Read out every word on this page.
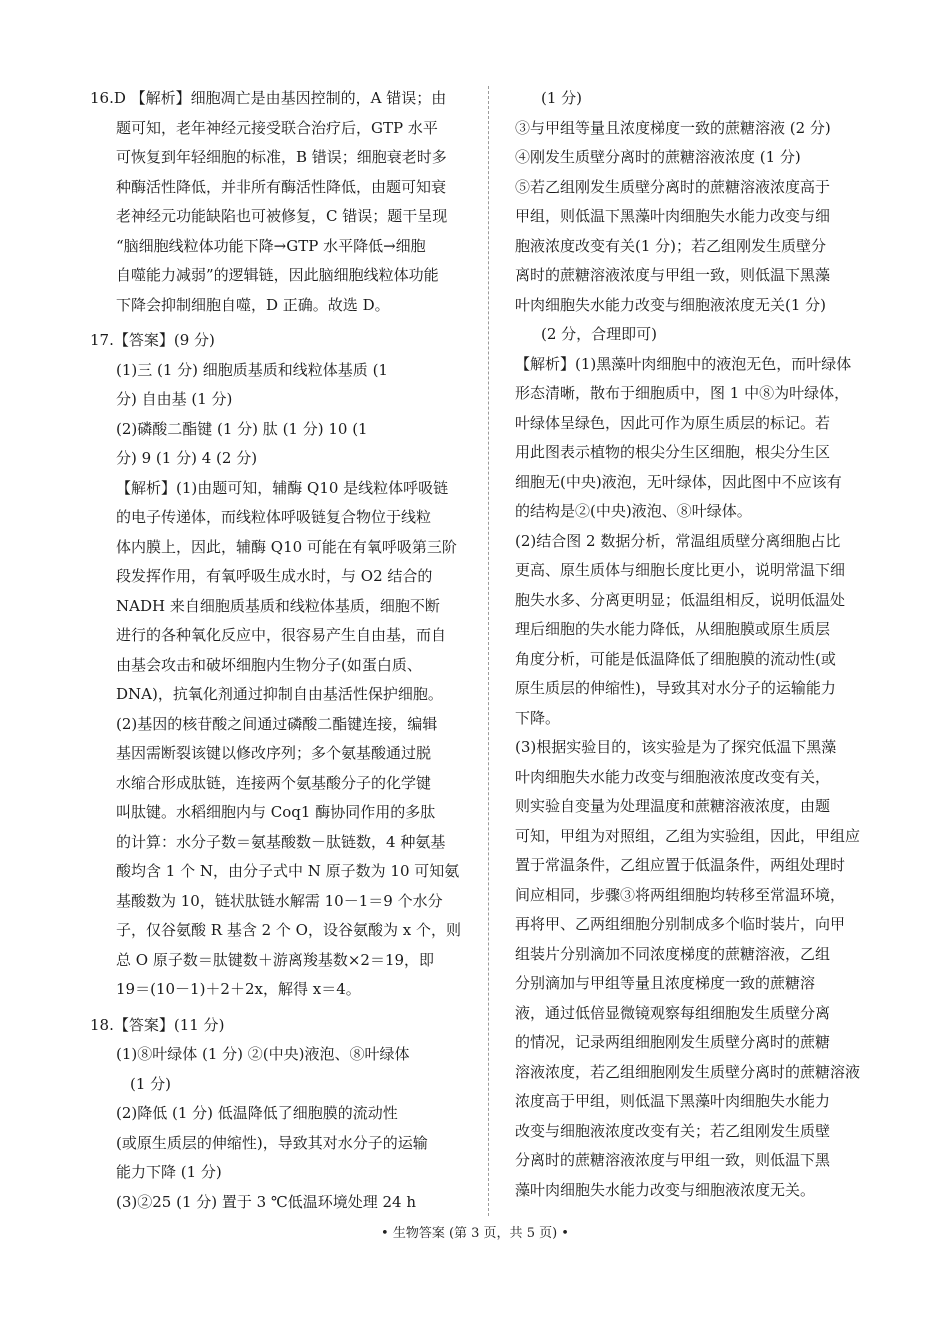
16.D 【解析】细胞凋亡是由基因控制的，A 错误；由

题可知，老年神经元接受联合治疗后，GTP 水平

可恢复到年轻细胞的标准，B 错误；细胞衰老时多

种酶活性降低，并非所有酶活性降低，由题可知衰

老神经元功能缺陷也可被修复，C 错误；题干呈现

“脑细胞线粒体功能下降→GTP 水平降低→细胞

自噬能力减弱”的逻辑链，因此脑细胞线粒体功能

下降会抑制细胞自噬，D 正确。故选 D。

17.【答案】(9 分)

(1)三 (1 分) 细胞质基质和线粒体基质 (1

分) 自由基 (1 分)

(2)磷酸二酯键 (1 分) 肽 (1 分) 10 (1

分) 9 (1 分) 4 (2 分)

【解析】(1)由题可知，辅酶 Q10 是线粒体呼吸链

的电子传递体，而线粒体呼吸链复合物位于线粒

体内膜上，因此，辅酶 Q10 可能在有氧呼吸第三阶

段发挥作用，有氧呼吸生成水时，与 O2 结合的

NADH 来自细胞质基质和线粒体基质，细胞不断

进行的各种氧化反应中，很容易产生自由基，而自

由基会攻击和破坏细胞内生物分子(如蛋白质、

DNA)，抗氧化剂通过抑制自由基活性保护细胞。

(2)基因的核苷酸之间通过磷酸二酯键连接，编辑

基因需断裂该键以修改序列；多个氨基酸通过脱

水缩合形成肽链，连接两个氨基酸分子的化学键

叫肽键。水稻细胞内与 Coq1 酶协同作用的多肽

的计算：水分子数＝氨基酸数－肽链数，4 种氨基

酸均含 1 个 N，由分子式中 N 原子数为 10 可知氨

基酸数为 10，链状肽链水解需 10－1＝9 个水分

子，仅谷氨酸 R 基含 2 个 O，设谷氨酸为 x 个，则

总 O 原子数＝肽键数＋游离羧基数×2＝19，即

19＝(10－1)＋2＋2x，解得 x＝4。

18.【答案】(11 分)

(1)⑧叶绿体 (1 分) ②(中央)液泡、⑧叶绿体

(1 分)

(2)降低 (1 分) 低温降低了细胞膜的流动性

(或原生质层的伸缩性)，导致其对水分子的运输

能力下降 (1 分)

(3)②25 (1 分) 置于 3 ℃低温环境处理 24 h

(1 分)

③与甲组等量且浓度梯度一致的蔗糖溶液 (2 分)

④刚发生质壁分离时的蔗糖溶液浓度 (1 分)

⑤若乙组刚发生质壁分离时的蔗糖溶液浓度高于

甲组，则低温下黑藻叶肉细胞失水能力改变与细

胞液浓度改变有关(1 分)；若乙组刚发生质壁分

离时的蔗糖溶液浓度与甲组一致，则低温下黑藻

叶肉细胞失水能力改变与细胞液浓度无关(1 分)

(2 分，合理即可)

【解析】(1)黑藻叶肉细胞中的液泡无色，而叶绿体

形态清晰，散布于细胞质中，图 1 中⑧为叶绿体，

叶绿体呈绿色，因此可作为原生质层的标记。若

用此图表示植物的根尖分生区细胞，根尖分生区

细胞无(中央)液泡，无叶绿体，因此图中不应该有

的结构是②(中央)液泡、⑧叶绿体。

(2)结合图 2 数据分析，常温组质壁分离细胞占比

更高、原生质体与细胞长度比更小，说明常温下细

胞失水多、分离更明显；低温组相反，说明低温处

理后细胞的失水能力降低，从细胞膜或原生质层

角度分析，可能是低温降低了细胞膜的流动性(或

原生质层的伸缩性)，导致其对水分子的运输能力

下降。

(3)根据实验目的，该实验是为了探究低温下黑藻

叶肉细胞失水能力改变与细胞液浓度改变有关，

则实验自变量为处理温度和蔗糖溶液浓度，由题

可知，甲组为对照组，乙组为实验组，因此，甲组应

置于常温条件，乙组应置于低温条件，两组处理时

间应相同，步骤③将两组细胞均转移至常温环境，

再将甲、乙两组细胞分别制成多个临时装片，向甲

组装片分别滴加不同浓度梯度的蔗糖溶液，乙组

分别滴加与甲组等量且浓度梯度一致的蔗糖溶

液，通过低倍显微镜观察每组细胞发生质壁分离

的情况，记录两组细胞刚发生质壁分离时的蔗糖

溶液浓度，若乙组细胞刚发生质壁分离时的蔗糖溶液

浓度高于甲组，则低温下黑藻叶肉细胞失水能力

改变与细胞液浓度改变有关；若乙组刚发生质壁

分离时的蔗糖溶液浓度与甲组一致，则低温下黑

藻叶肉细胞失水能力改变与细胞液浓度无关。

• 生物答案 (第 3 页，共 5 页) •
